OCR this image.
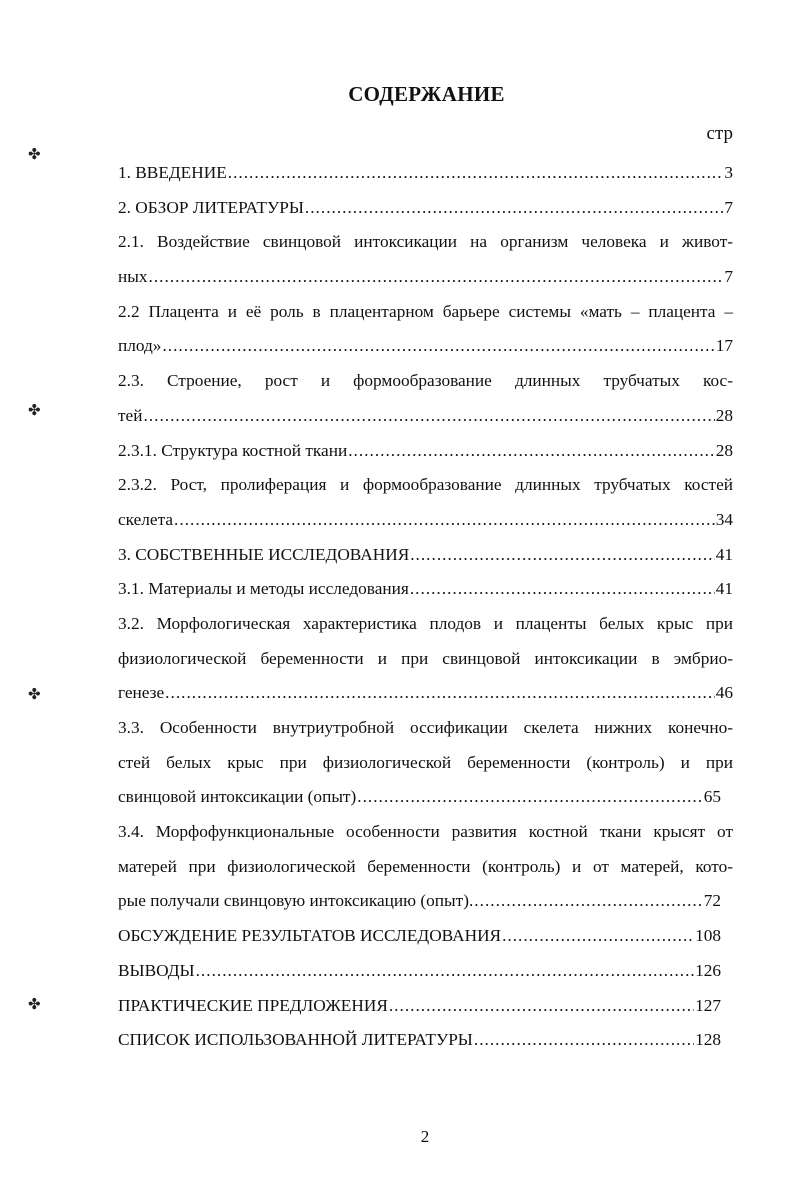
✤
✤
✤
✤
СОДЕРЖАНИЕ
стр
1. ВВЕДЕНИЕ .....	3
2. ОБЗОР ЛИТЕРАТУРЫ .....	7
2.1. Воздействие свинцовой интоксикации на организм человека и живот-
ных .....	7
2.2 Плацента и её роль в плацентарном барьере системы «мать – плацента –
плод» .....	17
2.3. Строение, рост и формообразование длинных трубчатых кос-
тей .....	28
2.3.1. Структура костной ткани .....	28
2.3.2. Рост, пролиферация и формообразование длинных трубчатых костей
скелета .....	34
3. СОБСТВЕННЫЕ ИССЛЕДОВАНИЯ .....	41
3.1. Материалы и методы исследования .....	41
3.2. Морфологическая характеристика плодов и плаценты белых крыс при
физиологической беременности и при свинцовой интоксикации в эмбрио-
генезе .....	46
3.3. Особенности внутриутробной оссификации скелета нижних конечно-
стей белых крыс при физиологической беременности (контроль) и при
свинцовой интоксикации (опыт) .....	65
3.4. Морфофункциональные особенности развития костной ткани крысят от
матерей при физиологической беременности (контроль) и от матерей, кото-
рые получали свинцовую интоксикацию (опыт). .....	72
ОБСУЖДЕНИЕ РЕЗУЛЬТАТОВ ИССЛЕДОВАНИЯ .....	108
ВЫВОДЫ .....	126
ПРАКТИЧЕСКИЕ ПРЕДЛОЖЕНИЯ .....	127
СПИСОК ИСПОЛЬЗОВАННОЙ ЛИТЕРАТУРЫ .....	128
2
